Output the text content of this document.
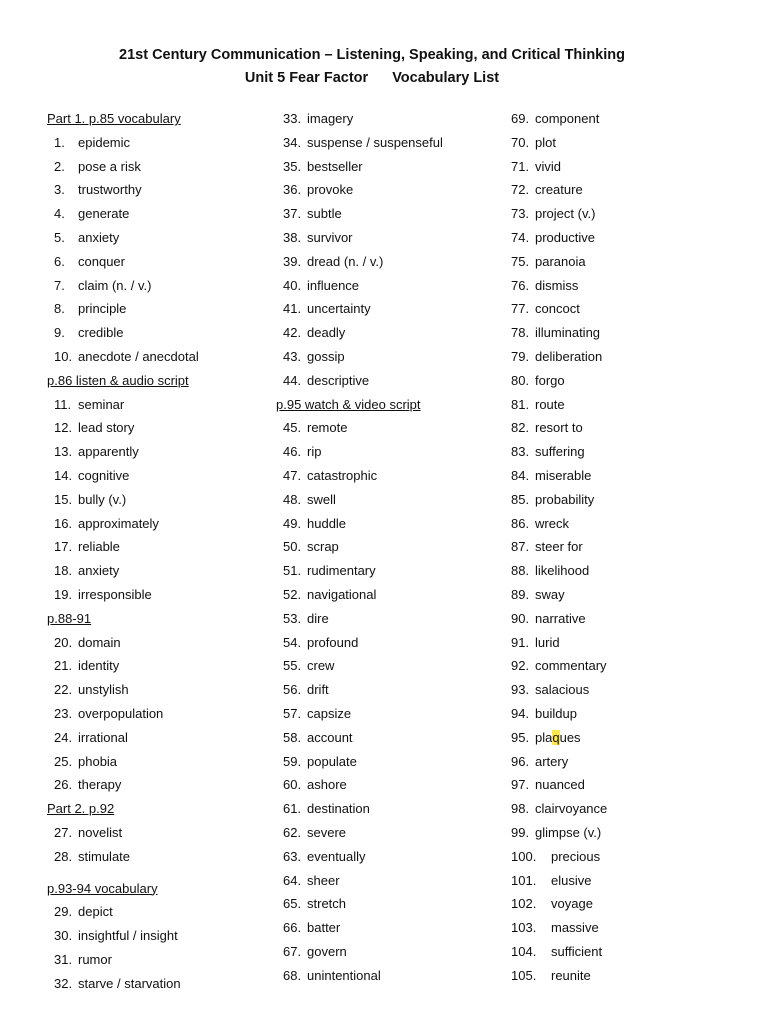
21st Century Communication – Listening, Speaking, and Critical Thinking
Unit 5 Fear Factor Vocabulary List
Part 1. p.85 vocabulary
1 .	epidemic
2 .	pose a risk
3 .	trustworthy
4 .	generate
5 .	anxiety
6 .	conquer
7 .	claim (n. / v.)
8 .	principle
9 .	credible
10 . anecdote / anecdotal
p.86 listen & audio script
11 . seminar
12 . lead story
13 . apparently
14 . cognitive
15 . bully (v.)
16 . approximately
17 . reliable
18 . anxiety
19 . irresponsible
p.88-91
20 . domain
21 . identity
22 . unstylish
23 . overpopulation
24 . irrational
25 . phobia
26 . therapy
Part 2. p.92
27 . novelist
28 . stimulate
p.93-94 vocabulary
29 . depict
30 . insightful / insight
31 . rumor
32 . starve / starvation
33 . imagery
34 . suspense / suspenseful
35 . bestseller
36 . provoke
37 . subtle
38 . survivor
39 . dread (n. / v.)
40 . influence
41 . uncertainty
42 . deadly
43 . gossip
44 . descriptive
p.95 watch & video script
45 . remote
46 . rip
47 . catastrophic
48 . swell
49 . huddle
50 . scrap
51 . rudimentary
52 . navigational
53 . dire
54 . profound
55 . crew
56 . drift
57 . capsize
58 . account
59 . populate
60 . ashore
61 . destination
62 . severe
63 . eventually
64 . sheer
65 . stretch
66 . batter
67 . govern
68 . unintentional
69 . component
70 . plot
71 . vivid
72 . creature
73 . project (v.)
74 . productive
75 . paranoia
76 . dismiss
77 . concoct
78 . illuminating
79 . deliberation
80 . forgo
81 . route
82 . resort to
83 . suffering
84 . miserable
85 . probability
86 . wreck
87 . steer for
88 . likelihood
89 . sway
90 . narrative
91 . lurid
92 . commentary
93 . salacious
94 . buildup
95 . plaques
96 . artery
97 . nuanced
98 . clairvoyance
99 . glimpse (v.)
100 .	precious
101 .	elusive
102 .	voyage
103 .	massive
104 .	sufficient
105 .	reunite
